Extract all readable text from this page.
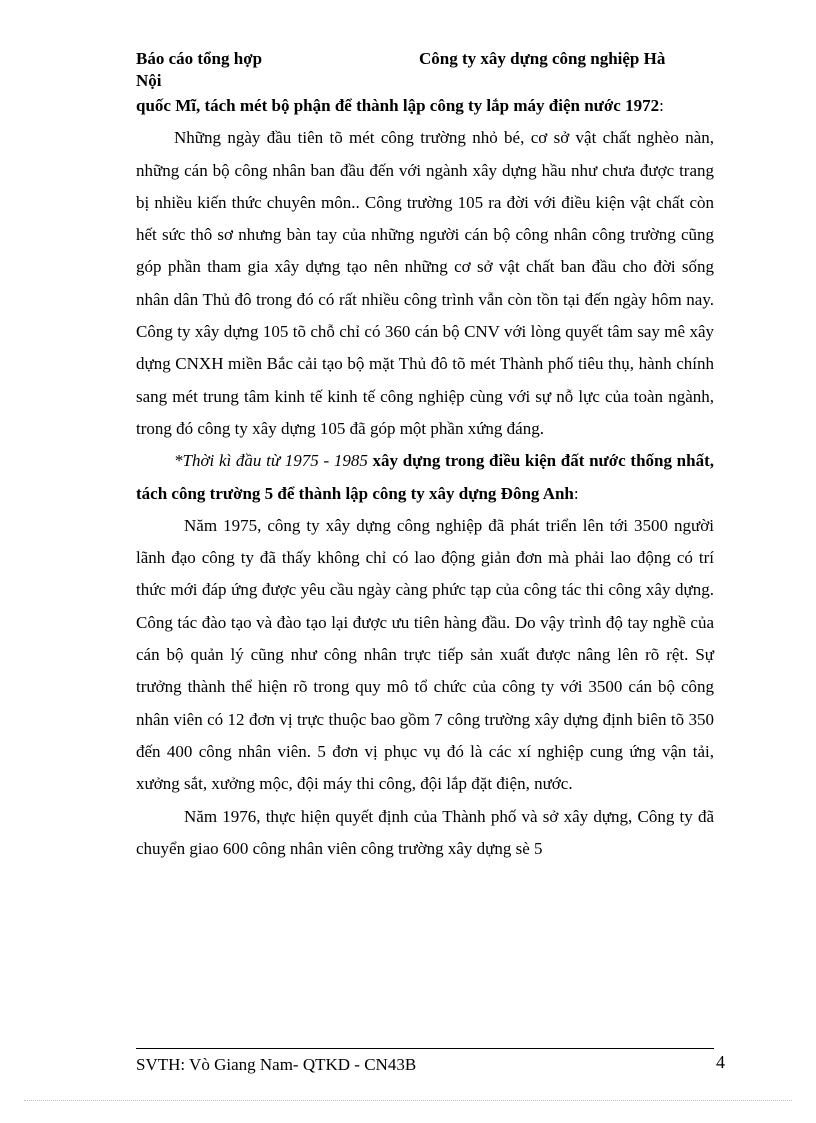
Báo cáo tổng hợp	Công ty xây dựng công nghiệp Hà
Nội

quốc Mĩ, tách mét bộ phận để thành lập công ty lắp máy điện nước 1972:

Những ngày đầu tiên tõ mét công trường nhỏ bé, cơ sở vật chất nghèo nàn, những cán bộ công nhân ban đầu đến với ngành xây dựng hầu như chưa được trang bị nhiều kiến thức chuyên môn.. Công trường 105 ra đời với điều kiện vật chất còn hết sức thô sơ nhưng bàn tay của những người cán bộ công nhân công trường cũng góp phần tham gia xây dựng tạo nên những cơ sở vật chất ban đầu cho đời sống nhân dân Thủ đô trong đó có rất nhiều công trình vẫn còn tồn tại đến ngày hôm nay. Công ty xây dựng 105 tõ chỗ chỉ có 360 cán bộ CNV với lòng quyết tâm say mê xây dựng CNXH miền Bắc cải tạo bộ mặt Thủ đô tõ mét Thành phố tiêu thụ, hành chính sang mét trung tâm kinh tế kinh tế công nghiệp cùng với sự nỗ lực của toàn ngành, trong đó công ty xây dựng 105 đã góp một phần xứng đáng.

*Thời kì đầu từ 1975 - 1985 xây dựng trong điều kiện đất nước thống nhất, tách công trường 5 để thành lập công ty xây dựng Đông Anh:

Năm 1975, công ty xây dựng công nghiệp đã phát triển lên tới 3500 người lãnh đạo công ty đã thấy không chỉ có lao động giản đơn mà phải lao động có trí thức mới đáp ứng được yêu cầu ngày càng phức tạp của công tác thi công xây dựng. Công tác đào tạo và đào tạo lại được ưu tiên hàng đầu. Do vậy trình độ tay nghề của cán bộ quản lý cũng như công nhân trực tiếp sản xuất được nâng lên rõ rệt. Sự trưởng thành thể hiện rõ trong quy mô tổ chức của công ty với 3500 cán bộ công nhân viên có 12 đơn vị trực thuộc bao gồm 7 công trường xây dựng định biên tõ 350 đến 400 công nhân viên. 5 đơn vị phục vụ đó là các xí nghiệp cung ứng vận tải, xưởng sắt, xưởng mộc, đội máy thi công, đội lắp đặt điện, nước.

Năm 1976, thực hiện quyết định của Thành phố và sở xây dựng, Công ty đã chuyển giao 600 công nhân viên công trường xây dựng sè 5

SVTH: Vò Giang Nam- QTKD - CN43B	4
